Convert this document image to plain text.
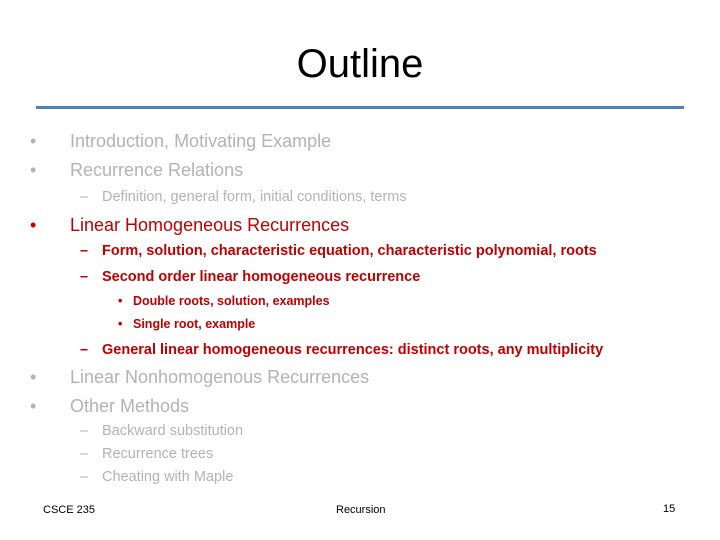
Outline
• Introduction, Motivating Example
• Recurrence Relations
– Definition, general form, initial conditions, terms
• Linear Homogeneous Recurrences
– Form, solution, characteristic equation, characteristic polynomial, roots
– Second order linear homogeneous recurrence
• Double roots, solution, examples
• Single root, example
– General linear homogeneous recurrences: distinct roots, any multiplicity
• Linear Nonhomogenous Recurrences
• Other Methods
– Backward substitution
– Recurrence trees
– Cheating with Maple
CSCE 235	Recursion	15
